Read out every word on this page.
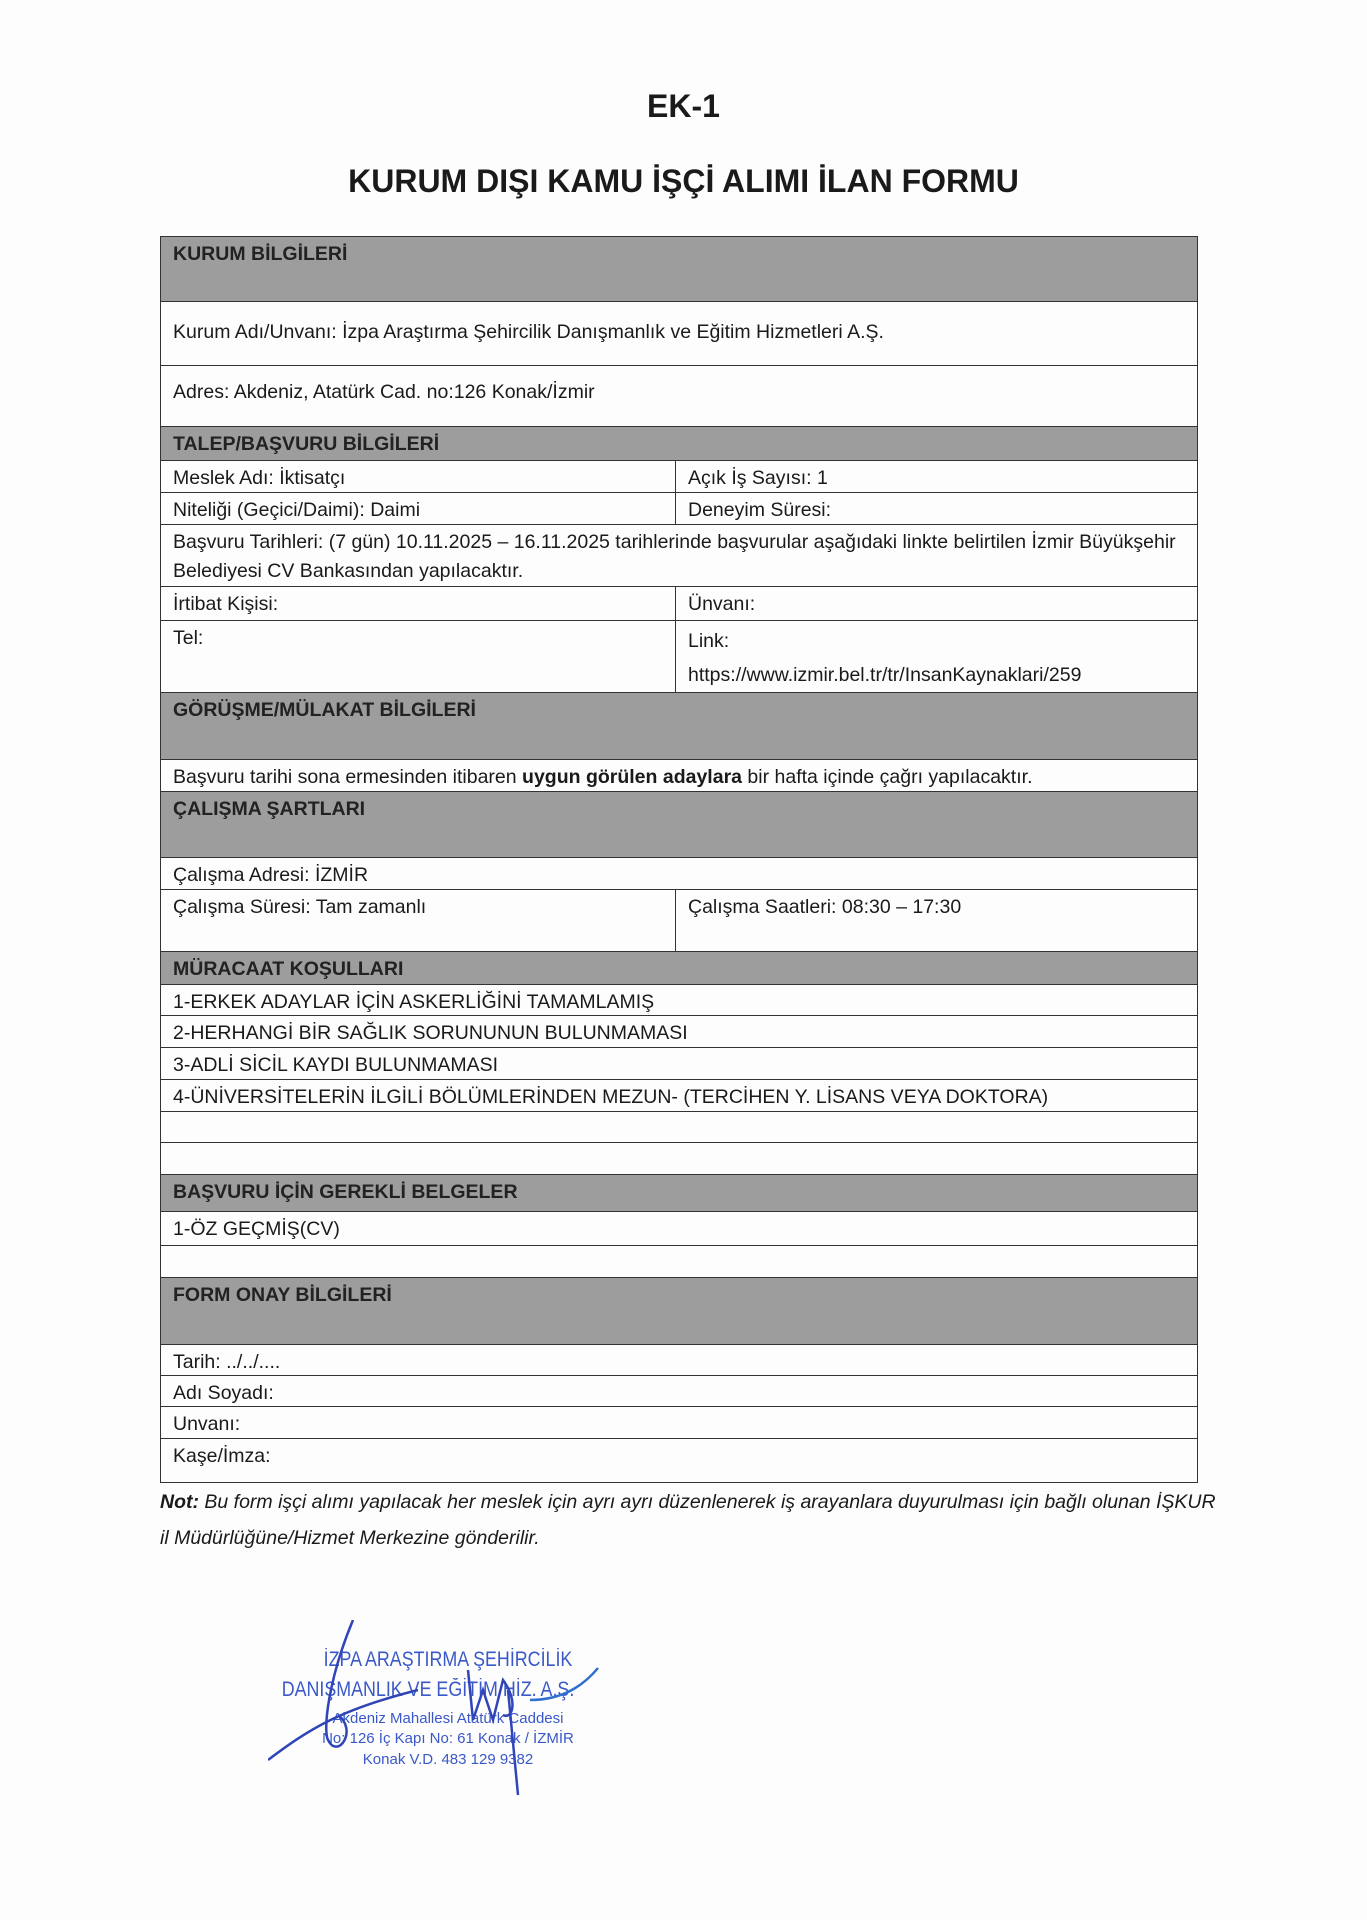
EK-1
KURUM DIŞI KAMU İŞÇİ ALIMI İLAN FORMU
KURUM BİLGİLERİ
Kurum Adı/Unvanı: İzpa Araştırma Şehircilik Danışmanlık ve Eğitim Hizmetleri A.Ş.
Adres: Akdeniz, Atatürk Cad. no:126 Konak/İzmir
TALEP/BAŞVURU BİLGİLERİ
Meslek Adı: İktisatçı	Açık İş Sayısı: 1
Niteliği (Geçici/Daimi): Daimi	Deneyim Süresi:
Başvuru Tarihleri: (7 gün) 10.11.2025 – 16.11.2025 tarihlerinde başvurular aşağıdaki linkte belirtilen İzmir Büyükşehir Belediyesi CV Bankasından yapılacaktır.
İrtibat Kişisi:	Ünvanı:
Tel:	Link:
https://www.izmir.bel.tr/tr/InsanKaynaklari/259
GÖRÜŞME/MÜLAKAT BİLGİLERİ
Başvuru tarihi sona ermesinden itibaren uygun görülen adaylara bir hafta içinde çağrı yapılacaktır.
ÇALIŞMA ŞARTLARI
Çalışma Adresi: İZMİR
Çalışma Süresi: Tam zamanlı	Çalışma Saatleri: 08:30 – 17:30
MÜRACAAT KOŞULLARI
1-ERKEK ADAYLAR İÇİN ASKERLİĞİNİ TAMAMLAMIŞ
2-HERHANGİ BİR SAĞLIK SORUNUNUN BULUNMAMASI
3-ADLİ SİCİL KAYDI BULUNMAMASI
4-ÜNİVERSİTELERİN İLGİLİ BÖLÜMLERİNDEN MEZUN- (TERCİHEN Y. LİSANS VEYA DOKTORA)
BAŞVURU İÇİN GEREKLİ BELGELER
1-ÖZ GEÇMİŞ(CV)
FORM ONAY BİLGİLERİ
Tarih: ../../....
Adı Soyadı:
Unvanı:
Kaşe/İmza:
Not: Bu form işçi alımı yapılacak her meslek için ayrı ayrı düzenlenerek iş arayanlara duyurulması için bağlı olunan İŞKUR il Müdürlüğüne/Hizmet Merkezine gönderilir.
İZPA ARAŞTIRMA ŞEHİRCİLİK
DANIŞMANLIK VE EĞİTİM HİZ. A.Ş.
Akdeniz Mahallesi Atatürk Caddesi
No: 126 İç Kapı No: 61 Konak / İZMİR
Konak V.D. 483 129 9382
